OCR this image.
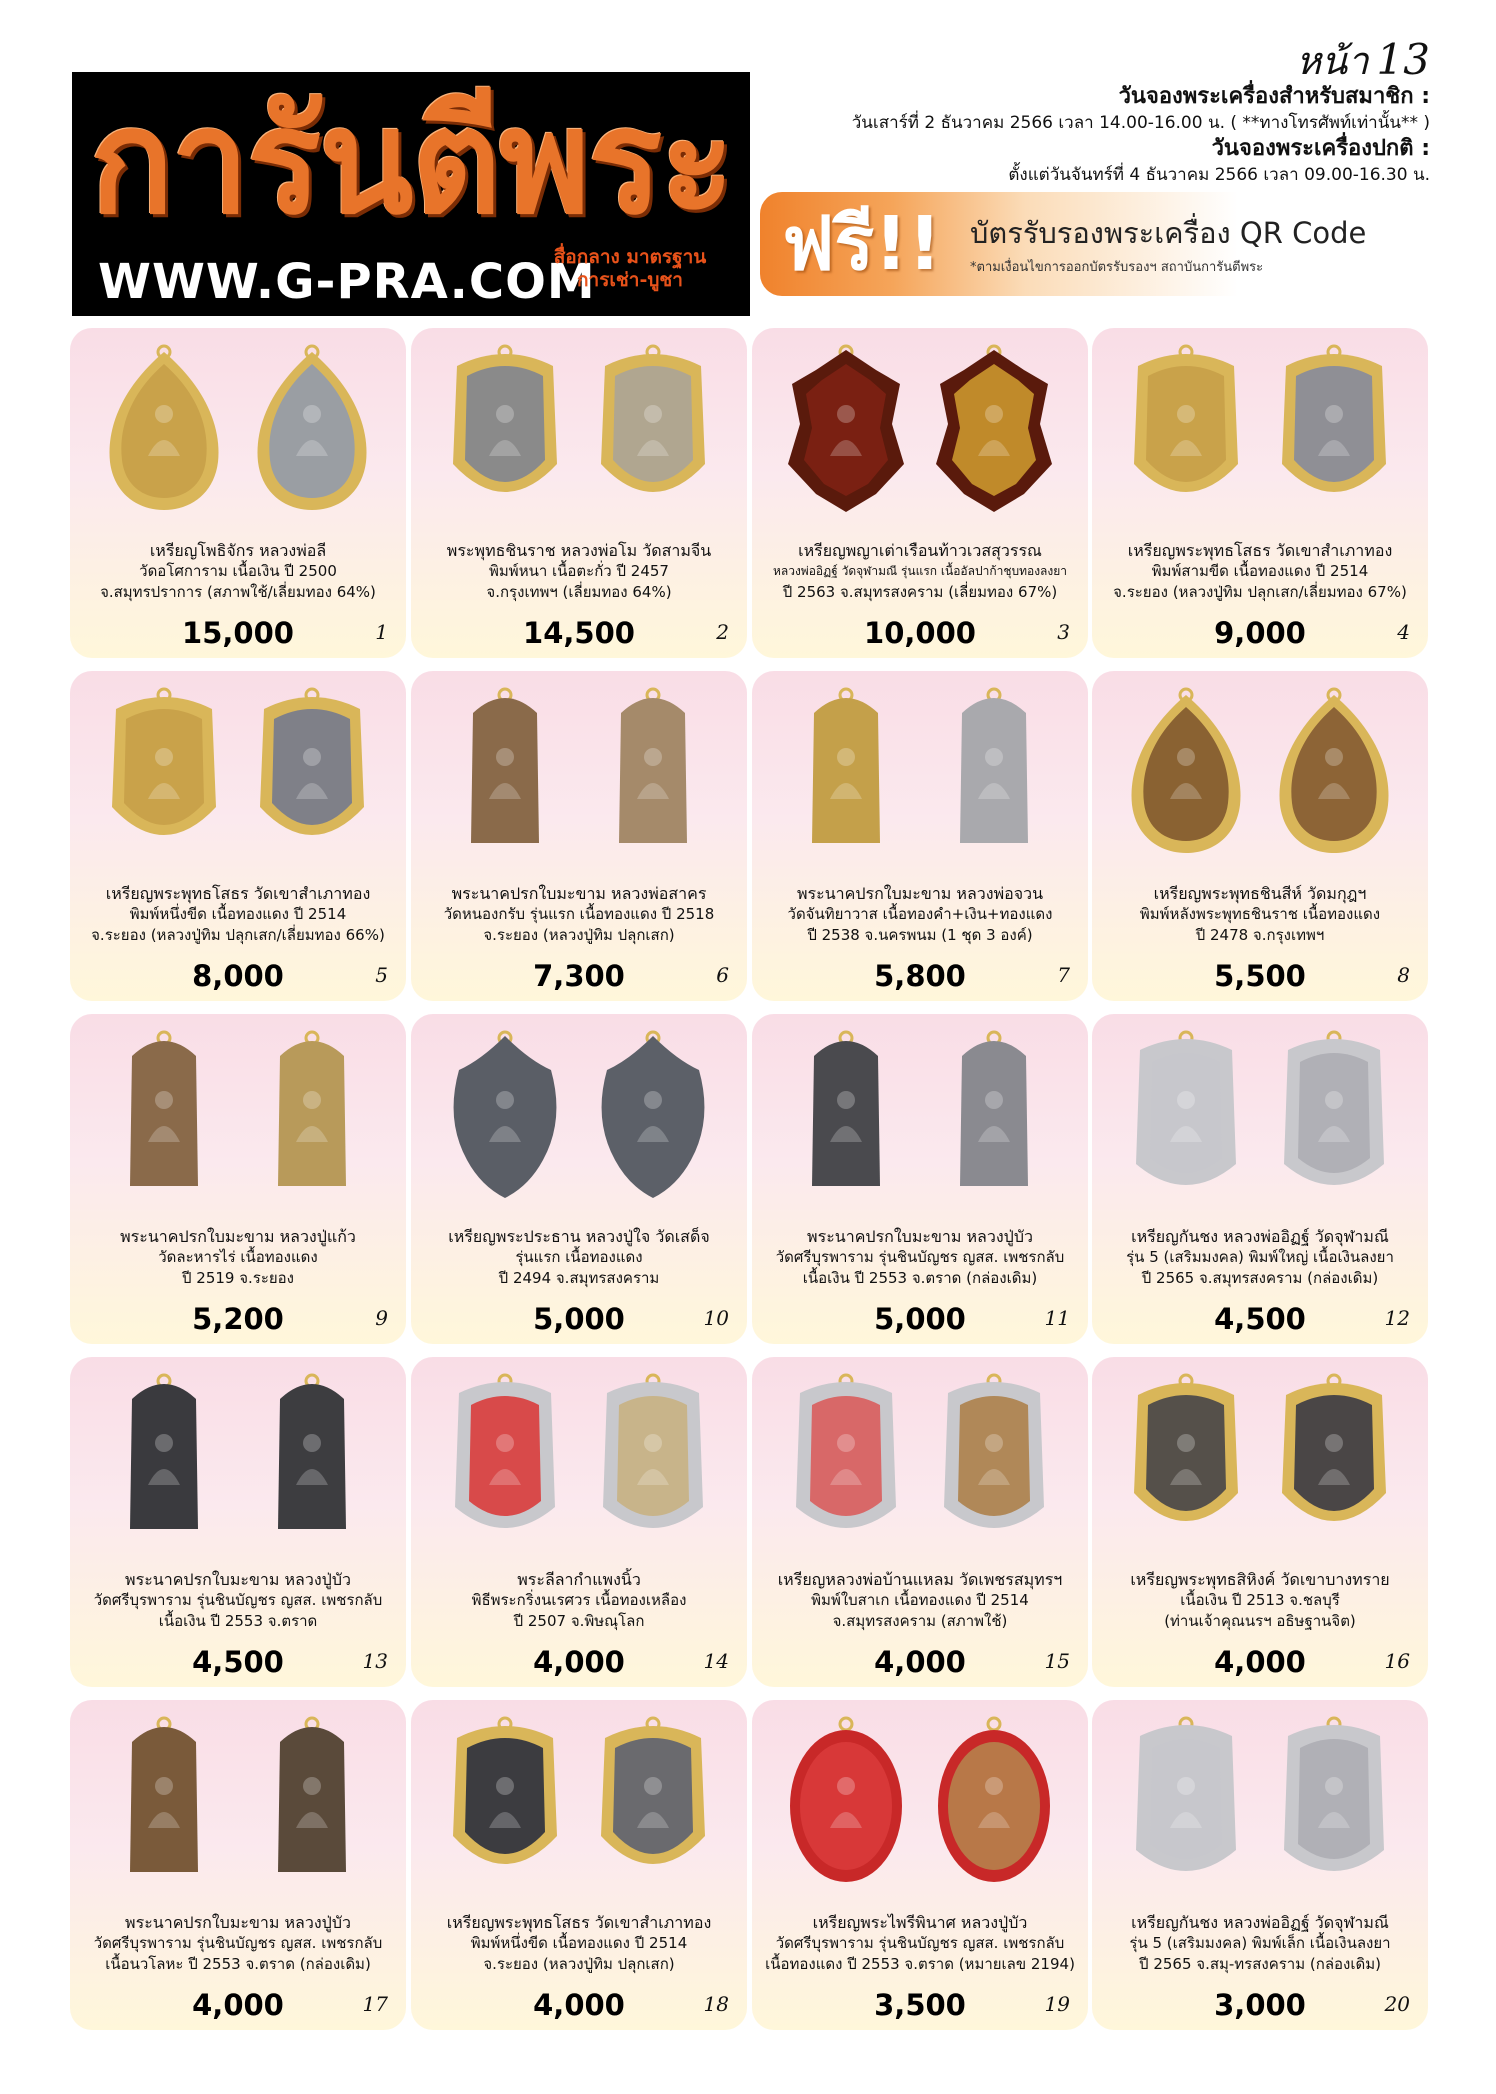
หน้า 13
การันตีพระ
WWW.G-PRA.COM
สื่อกลาง มาตรฐาน
การเช่า-บูชา
วันจองพระเครื่องสำหรับสมาชิก :
วันเสาร์ที่ 2 ธันวาคม 2566 เวลา 14.00-16.00 น. ( **ทางโทรศัพท์เท่านั้น** )
วันจองพระเครื่องปกติ :
ตั้งแต่วันจันทร์ที่ 4 ธันวาคม 2566 เวลา 09.00-16.30 น.
ฟรี!! บัตรรับรองพระเครื่อง QR Code
*ตามเงื่อนไขการออกบัตรรับรองฯ สถาบันการันตีพระ
เหรียญโพธิจักร หลวงพ่อลี
วัดอโศการาม เนื้อเงิน ปี 2500
จ.สมุทรปราการ (สภาพใช้/เลี่ยมทอง 64%)
15,000	1
พระพุทธชินราช หลวงพ่อโม วัดสามจีน
พิมพ์หนา เนื้อตะกั่ว ปี 2457
จ.กรุงเทพฯ (เลี่ยมทอง 64%)
14,500	2
เหรียญพญาเต่าเรือนท้าวเวสสุวรรณ
หลวงพ่ออิฏฐ์ วัดจุฬามณี รุ่นแรก เนื้ออัลปาก้าชุบทองลงยา
ปี 2563 จ.สมุทรสงคราม (เลี่ยมทอง 67%)
10,000	3
เหรียญพระพุทธโสธร วัดเขาสำเภาทอง
พิมพ์สามขีด เนื้อทองแดง ปี 2514
จ.ระยอง (หลวงปู่ทิม ปลุกเสก/เลี่ยมทอง 67%)
9,000	4
เหรียญพระพุทธโสธร วัดเขาสำเภาทอง
พิมพ์หนึ่งขีด เนื้อทองแดง ปี 2514
จ.ระยอง (หลวงปู่ทิม ปลุกเสก/เลี่ยมทอง 66%)
8,000	5
พระนาคปรกใบมะขาม หลวงพ่อสาคร
วัดหนองกรับ รุ่นแรก เนื้อทองแดง ปี 2518
จ.ระยอง (หลวงปู่ทิม ปลุกเสก)
7,300	6
พระนาคปรกใบมะขาม หลวงพ่อจวน
วัดจันทิยาวาส เนื้อทองคำ+เงิน+ทองแดง
ปี 2538 จ.นครพนม (1 ชุด 3 องค์)
5,800	7
เหรียญพระพุทธชินสีห์ วัดมกุฎฯ
พิมพ์หลังพระพุทธชินราช เนื้อทองแดง
ปี 2478 จ.กรุงเทพฯ
5,500	8
พระนาคปรกใบมะขาม หลวงปู่แก้ว
วัดละหารไร่ เนื้อทองแดง
ปี 2519 จ.ระยอง
5,200	9
เหรียญพระประธาน หลวงปู่ใจ วัดเสด็จ
รุ่นแรก เนื้อทองแดง
ปี 2494 จ.สมุทรสงคราม
5,000	10
พระนาคปรกใบมะขาม หลวงปู่บัว
วัดศรีบุรพาราม รุ่นชินบัญชร ญสส. เพชรกลับ
เนื้อเงิน ปี 2553 จ.ตราด (กล่องเดิม)
5,000	11
เหรียญกันชง หลวงพ่ออิฏฐ์ วัดจุฬามณี
รุ่น 5 (เสริมมงคล) พิมพ์ใหญ่ เนื้อเงินลงยา
ปี 2565 จ.สมุทรสงคราม (กล่องเดิม)
4,500	12
พระนาคปรกใบมะขาม หลวงปู่บัว
วัดศรีบุรพาราม รุ่นชินบัญชร ญสส. เพชรกลับ
เนื้อเงิน ปี 2553 จ.ตราด
4,500	13
พระลีลากำแพงนิ้ว
พิธีพระกริ่งนเรศวร เนื้อทองเหลือง
ปี 2507 จ.พิษณุโลก
4,000	14
เหรียญหลวงพ่อบ้านแหลม วัดเพชรสมุทรฯ
พิมพ์ใบสาเก เนื้อทองแดง ปี 2514
จ.สมุทรสงคราม (สภาพใช้)
4,000	15
เหรียญพระพุทธสิหิงค์ วัดเขาบางทราย
เนื้อเงิน ปี 2513 จ.ชลบุรี
(ท่านเจ้าคุณนรฯ อธิษฐานจิต)
4,000	16
พระนาคปรกใบมะขาม หลวงปู่บัว
วัดศรีบุรพาราม รุ่นชินบัญชร ญสส. เพชรกลับ
เนื้อนวโลหะ ปี 2553 จ.ตราด (กล่องเดิม)
4,000	17
เหรียญพระพุทธโสธร วัดเขาสำเภาทอง
พิมพ์หนึ่งขีด เนื้อทองแดง ปี 2514
จ.ระยอง (หลวงปู่ทิม ปลุกเสก)
4,000	18
เหรียญพระไพรีพินาศ หลวงปู่บัว
วัดศรีบุรพาราม รุ่นชินบัญชร ญสส. เพชรกลับ
เนื้อทองแดง ปี 2553 จ.ตราด (หมายเลข 2194)
3,500	19
เหรียญกันชง หลวงพ่ออิฏฐ์ วัดจุฬามณี
รุ่น 5 (เสริมมงคล) พิมพ์เล็ก เนื้อเงินลงยา
ปี 2565 จ.สมุ-ทรสงคราม (กล่องเดิม)
3,000	20
